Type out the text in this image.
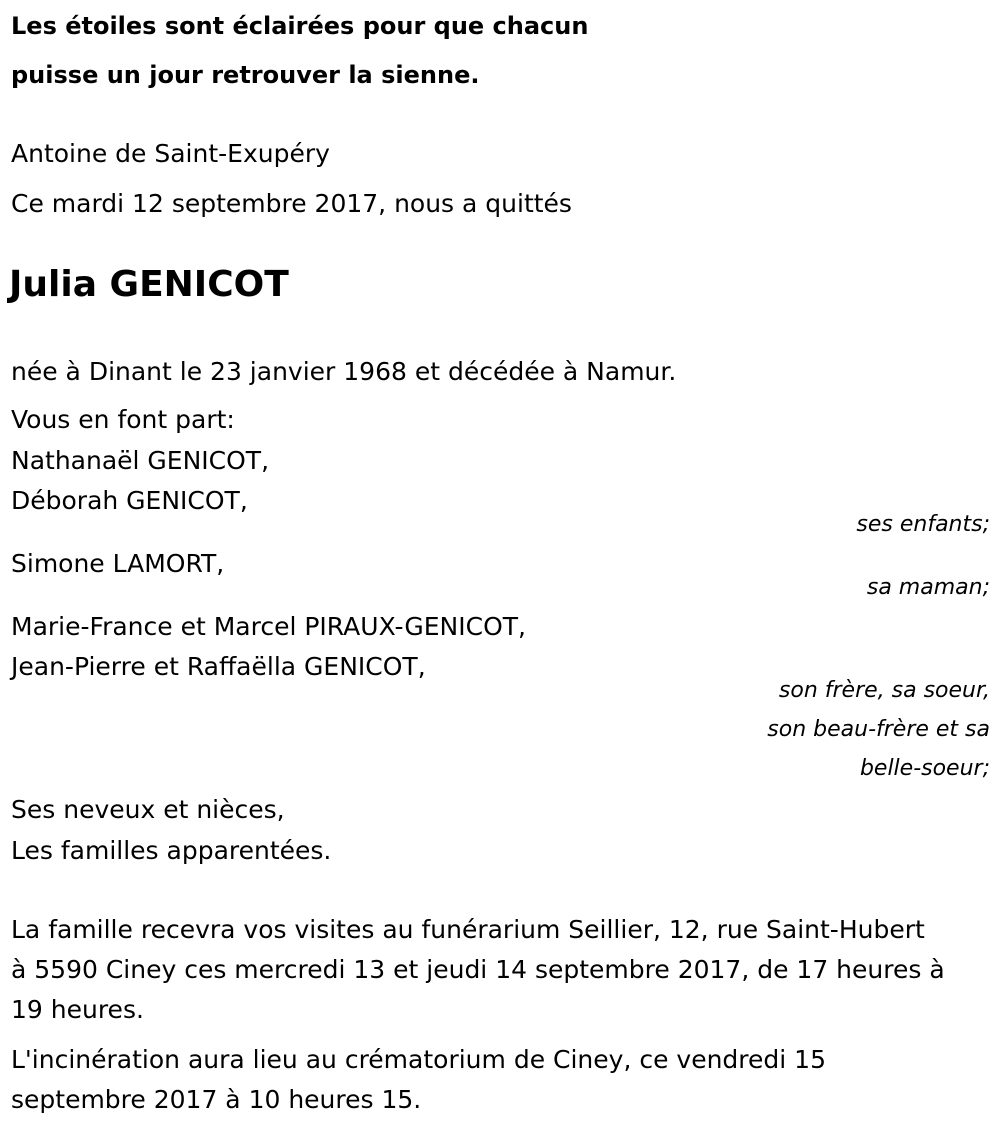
Les étoiles sont éclairées pour que chacun
puisse un jour retrouver la sienne.
Antoine de Saint-Exupéry
Ce mardi 12 septembre 2017, nous a quittés
Julia GENICOT
née à Dinant le 23 janvier 1968 et décédée à Namur.
Vous en font part:
Nathanaël GENICOT,
Déborah GENICOT,
ses enfants;
Simone LAMORT,
sa maman;
Marie-France et Marcel PIRAUX-GENICOT,
Jean-Pierre et Raffaëlla GENICOT,
son frère, sa soeur,
son beau-frère et sa
belle-soeur;
Ses neveux et nièces,
Les familles apparentées.
La famille recevra vos visites au funérarium Seillier, 12, rue Saint-Hubert
à 5590 Ciney ces mercredi 13 et jeudi 14 septembre 2017, de 17 heures à
19 heures.
L'incinération aura lieu au crématorium de Ciney, ce vendredi 15
septembre 2017 à 10 heures 15.
